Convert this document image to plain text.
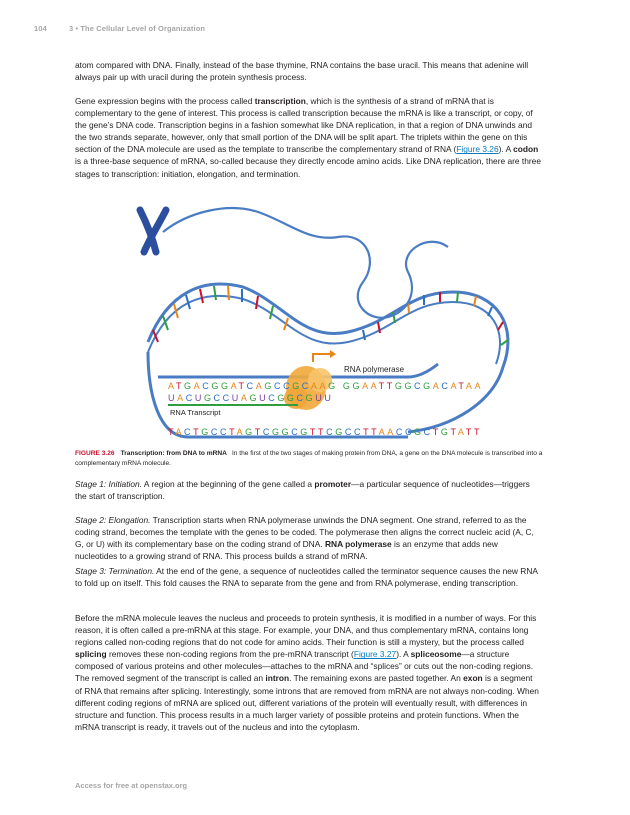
104	3 • The Cellular Level of Organization

atom compared with DNA. Finally, instead of the base thymine, RNA contains the base uracil. This means that adenine will always pair up with uracil during the protein synthesis process.

Gene expression begins with the process called transcription, which is the synthesis of a strand of mRNA that is complementary to the gene of interest. This process is called transcription because the mRNA is like a transcript, or copy, of the gene’s DNA code. Transcription begins in a fashion somewhat like DNA replication, in that a region of DNA unwinds and the two strands separate, however, only that small portion of the DNA will be split apart. The triplets within the gene on this section of the DNA molecule are used as the template to transcribe the complementary strand of RNA (Figure 3.26). A codon is a three-base sequence of mRNA, so-called because they directly encode amino acids. Like DNA replication, there are three stages to transcription: initiation, elongation, and termination.

RNA polymerase
ATGACGGATCAGCCGCAAG GGAATTGGCGACATAA
UACUGCCUAGUCGGCGUU
RNA Transcript
TACTGCCTAGTCGGCGTTCGCCTTAACCGCTGTATT
FIGURE 3.26 Transcription: from DNA to mRNA In the first of the two stages of making protein from DNA, a gene on the DNA molecule is transcribed into a complementary mRNA molecule.

Stage 1: Initiation. A region at the beginning of the gene called a promoter—a particular sequence of nucleotides—triggers the start of transcription.

Stage 2: Elongation. Transcription starts when RNA polymerase unwinds the DNA segment. One strand, referred to as the coding strand, becomes the template with the genes to be coded. The polymerase then aligns the correct nucleic acid (A, C, G, or U) with its complementary base on the coding strand of DNA. RNA polymerase is an enzyme that adds new nucleotides to a growing strand of RNA. This process builds a strand of mRNA.

Stage 3: Termination. At the end of the gene, a sequence of nucleotides called the terminator sequence causes the new RNA to fold up on itself. This fold causes the RNA to separate from the gene and from RNA polymerase, ending transcription.

Before the mRNA molecule leaves the nucleus and proceeds to protein synthesis, it is modified in a number of ways. For this reason, it is often called a pre-mRNA at this stage. For example, your DNA, and thus complementary mRNA, contains long regions called non-coding regions that do not code for amino acids. Their function is still a mystery, but the process called splicing removes these non-coding regions from the pre-mRNA transcript (Figure 3.27). A spliceosome—a structure composed of various proteins and other molecules—attaches to the mRNA and “splices” or cuts out the non-coding regions. The removed segment of the transcript is called an intron. The remaining exons are pasted together. An exon is a segment of RNA that remains after splicing. Interestingly, some introns that are removed from mRNA are not always non-coding. When different coding regions of mRNA are spliced out, different variations of the protein will eventually result, with differences in structure and function. This process results in a much larger variety of possible proteins and protein functions. When the mRNA transcript is ready, it travels out of the nucleus and into the cytoplasm.

Access for free at openstax.org
